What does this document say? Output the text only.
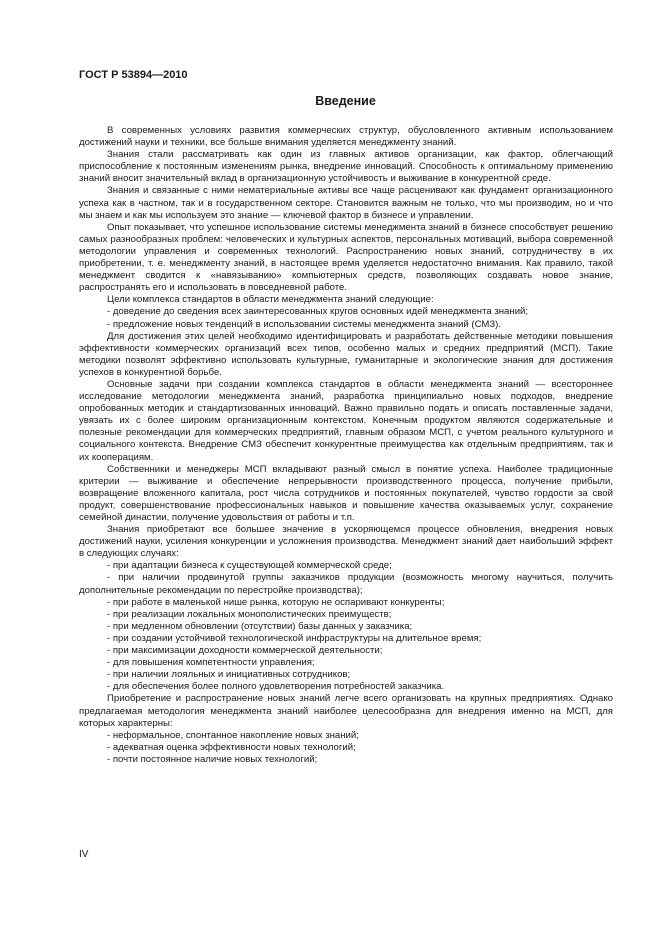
ГОСТ Р 53894—2010
Введение

В современных условиях развития коммерческих структур, обусловленного активным использованием достижений науки и техники, все больше внимания уделяется менеджменту знаний.

Знания стали рассматривать как один из главных активов организации, как фактор, облегчающий приспособление к постоянным изменениям рынка, внедрение инноваций. Способность к оптимальному применению знаний вносит значительный вклад в организационную устойчивость и выживание в конкурентной среде.

Знания и связанные с ними нематериальные активы все чаще расценивают как фундамент организационного успеха как в частном, так и в государственном секторе. Становится важным не только, что мы производим, но и что мы знаем и как мы используем это знание — ключевой фактор в бизнесе и управлении.

Опыт показывает, что успешное использование системы менеджмента знаний в бизнесе способствует решению самых разнообразных проблем: человеческих и культурных аспектов, персональных мотиваций, выбора современной методологии управления и современных технологий. Распространению новых знаний, сотрудничеству в их приобретении, т. е. менеджменту знаний, в настоящее время уделяется недостаточно внимания. Как правило, такой менеджмент сводится к «навязыванию» компьютерных средств, позволяющих создавать новое знание, распространять его и использовать в повседневной работе.

Цели комплекса стандартов в области менеджмента знаний следующие:

- доведение до сведения всех заинтересованных кругов основных идей менеджмента знаний;
- предложение новых тенденций в использовании системы менеджмента знаний (СМЗ).

Для достижения этих целей необходимо идентифицировать и разработать действенные методики повышения эффективности коммерческих организаций всех типов, особенно малых и средних предприятий (МСП). Такие методики позволят эффективно использовать культурные, гуманитарные и экологические знания для достижения успехов в конкурентной борьбе.

Основные задачи при создании комплекса стандартов в области менеджмента знаний — всестороннее исследование методологии менеджмента знаний, разработка принципиально новых подходов, внедрение опробованных методик и стандартизованных инноваций. Важно правильно подать и описать поставленные задачи, увязать их с более широким организационным контекстом. Конечным продуктом являются содержательные и полезные рекомендации для коммерческих предприятий, главным образом МСП, с учетом реального культурного и социального контекста. Внедрение СМЗ обеспечит конкурентные преимущества как отдельным предприятиям, так и их кооперациям.

Собственники и менеджеры МСП вкладывают разный смысл в понятие успеха. Наиболее традиционные критерии — выживание и обеспечение непрерывности производственного процесса, получение прибыли, возвращение вложенного капитала, рост числа сотрудников и постоянных покупателей, чувство гордости за свой продукт, совершенствование профессиональных навыков и повышение качества оказываемых услуг, сохранение семейной династии, получение удовольствия от работы и т.п.

Знания приобретают все большее значение в ускоряющемся процессе обновления, внедрения новых достижений науки, усиления конкуренции и усложнения производства. Менеджмент знаний дает наибольший эффект в следующих случаях:

- при адаптации бизнеса к существующей коммерческой среде;
- при наличии продвинутой группы заказчиков продукции (возможность многому научиться, получить дополнительные рекомендации по перестройке производства);
- при работе в маленькой нише рынка, которую не оспаривают конкуренты;
- при реализации локальных монополистических преимуществ;
- при медленном обновлении (отсутствии) базы данных у заказчика;
- при создании устойчивой технологической инфраструктуры на длительное время;
- при максимизации доходности коммерческой деятельности;
- для повышения компетентности управления;
- при наличии лояльных и инициативных сотрудников;
- для обеспечения более полного удовлетворения потребностей заказчика.

Приобретение и распространение новых знаний легче всего организовать на крупных предприятиях. Однако предлагаемая методология менеджмента знаний наиболее целесообразна для внедрения именно на МСП, для которых характерны:

- неформальное, спонтанное накопление новых знаний;
- адекватная оценка эффективности новых технологий;
- почти постоянное наличие новых технологий;
IV
